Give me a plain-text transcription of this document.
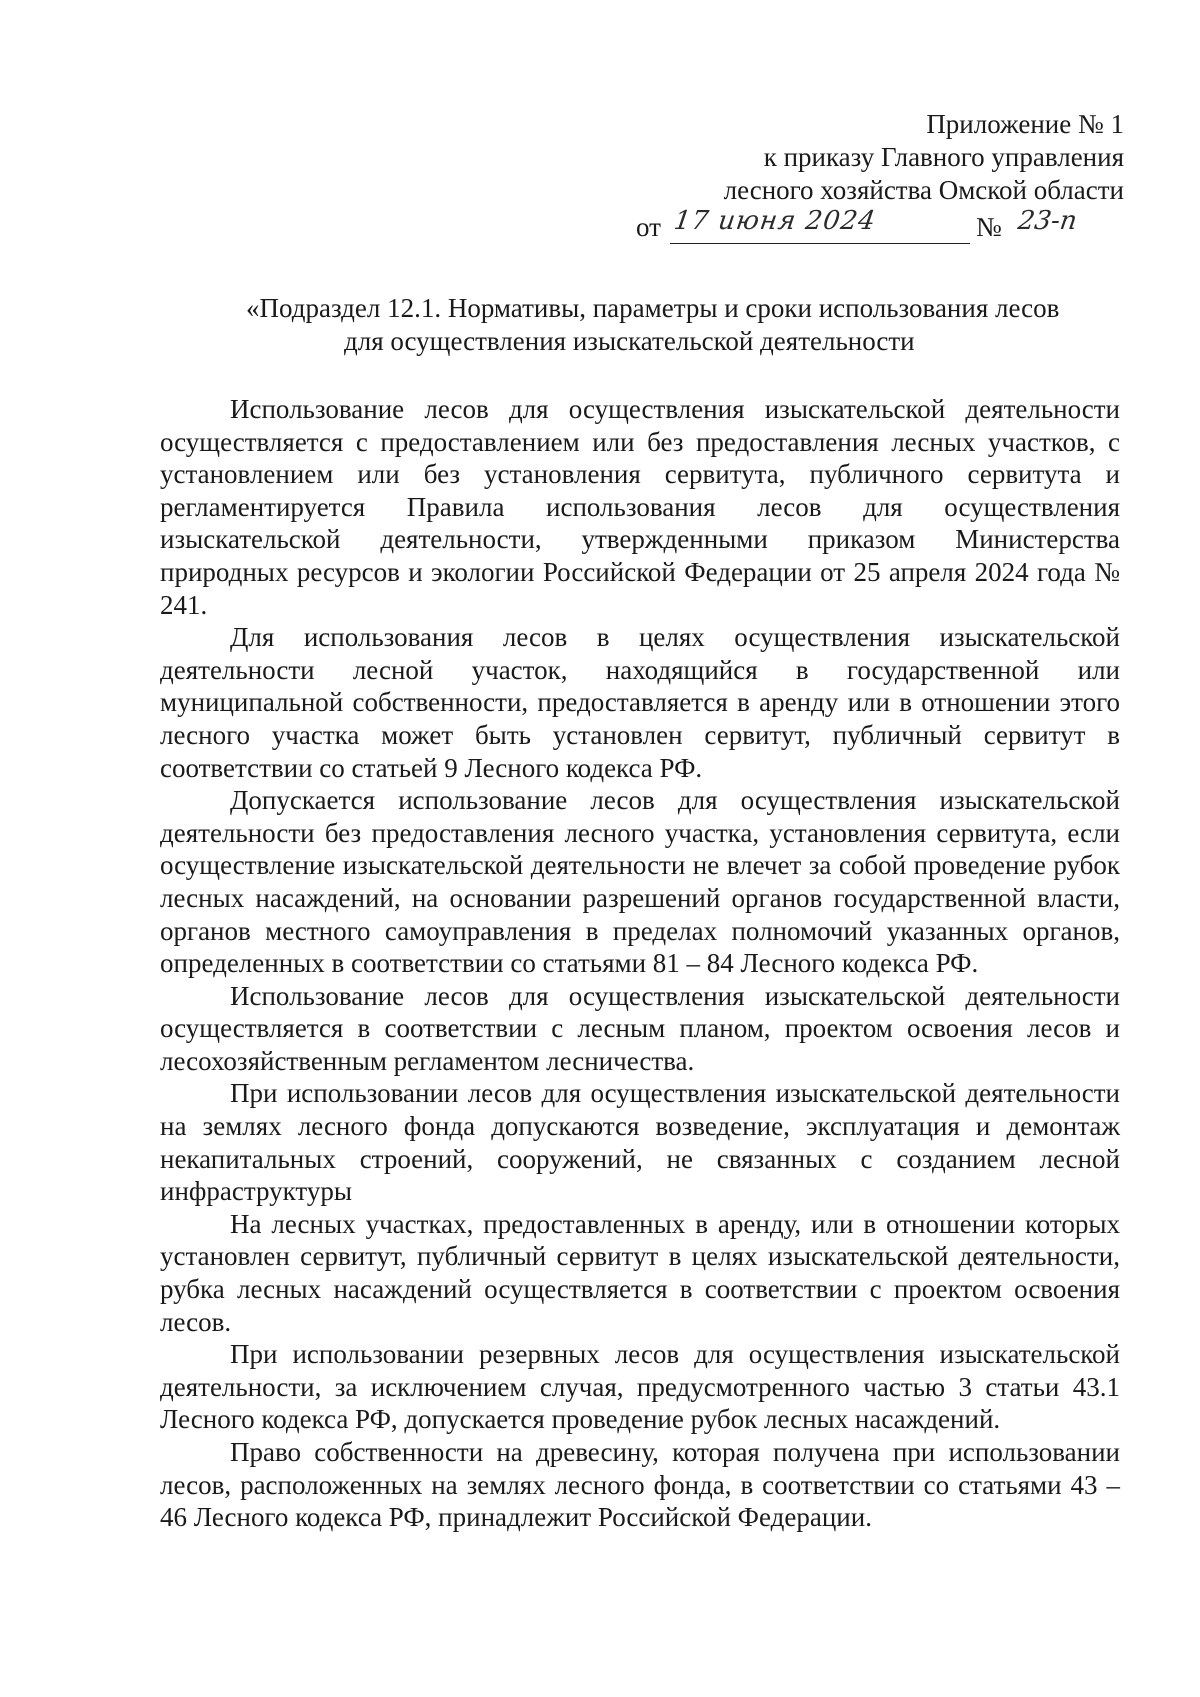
Приложение № 1
к приказу Главного управления
лесного хозяйства Омской области
от 17 июня 2024	№ 23-п
«Подраздел 12.1. Нормативы, параметры и сроки использования лесов
для осуществления изыскательской деятельности

Использование лесов для осуществления изыскательской деятельности осуществляется с предоставлением или без предоставления лесных участков, с установлением или без установления сервитута, публичного сервитута и регламентируется Правила использования лесов для осуществления изыскательской деятельности, утвержденными приказом Министерства природных ресурсов и экологии Российской Федерации от 25 апреля 2024 года № 241.

Для использования лесов в целях осуществления изыскательской деятельности лесной участок, находящийся в государственной или муниципальной собственности, предоставляется в аренду или в отношении этого лесного участка может быть установлен сервитут, публичный сервитут в соответствии со статьей 9 Лесного кодекса РФ.

Допускается использование лесов для осуществления изыскательской деятельности без предоставления лесного участка, установления сервитута, если осуществление изыскательской деятельности не влечет за собой проведение рубок лесных насаждений, на основании разрешений органов государственной власти, органов местного самоуправления в пределах полномочий указанных органов, определенных в соответствии со статьями 81 – 84 Лесного кодекса РФ.

Использование лесов для осуществления изыскательской деятельности осуществляется в соответствии с лесным планом, проектом освоения лесов и лесохозяйственным регламентом лесничества.

При использовании лесов для осуществления изыскательской деятельности на землях лесного фонда допускаются возведение, эксплуатация и демонтаж некапитальных строений, сооружений, не связанных с созданием лесной инфраструктуры

На лесных участках, предоставленных в аренду, или в отношении которых установлен сервитут, публичный сервитут в целях изыскательской деятельности, рубка лесных насаждений осуществляется в соответствии с проектом освоения лесов.

При использовании резервных лесов для осуществления изыскательской деятельности, за исключением случая, предусмотренного частью 3 статьи 43.1 Лесного кодекса РФ, допускается проведение рубок лесных насаждений.

Право собственности на древесину, которая получена при использовании лесов, расположенных на землях лесного фонда, в соответствии со статьями 43 – 46 Лесного кодекса РФ, принадлежит Российской Федерации.
